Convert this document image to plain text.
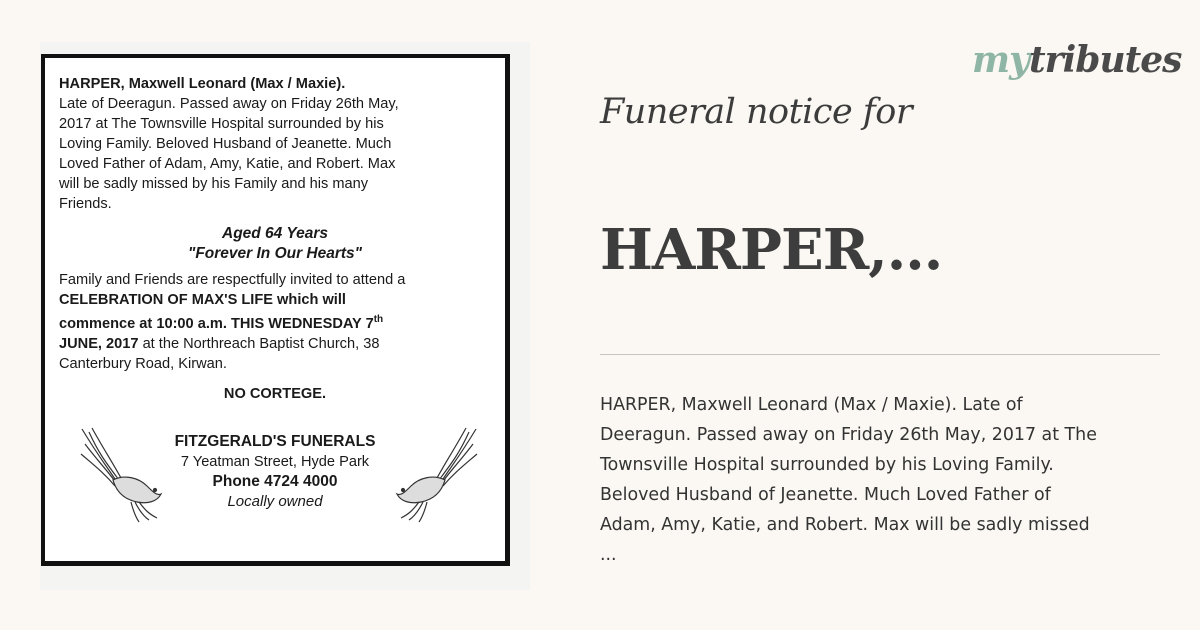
HARPER, Maxwell Leonard (Max / Maxie).

Late of Deeragun. Passed away on Friday 26th May,
2017 at The Townsville Hospital surrounded by his
Loving Family. Beloved Husband of Jeanette. Much
Loved Father of Adam, Amy, Katie, and Robert. Max
will be sadly missed by his Family and his many
Friends.

Aged 64 Years

"Forever In Our Hearts"

Family and Friends are respectfully invited to attend a
CELEBRATION OF MAX'S LIFE which will
commence at 10:00 a.m. THIS WEDNESDAY 7th
JUNE, 2017 at the Northreach Baptist Church, 38
Canterbury Road, Kirwan.

NO CORTEGE.

FITZGERALD'S FUNERALS
7 Yeatman Street, Hyde Park
Phone 4724 4000
Locally owned
mytributes
Funeral notice for
HARPER,...
HARPER, Maxwell Leonard (Max / Maxie). Late of
Deeragun. Passed away on Friday 26th May, 2017 at The
Townsville Hospital surrounded by his Loving Family.
Beloved Husband of Jeanette. Much Loved Father of
Adam, Amy, Katie, and Robert. Max will be sadly missed
...
